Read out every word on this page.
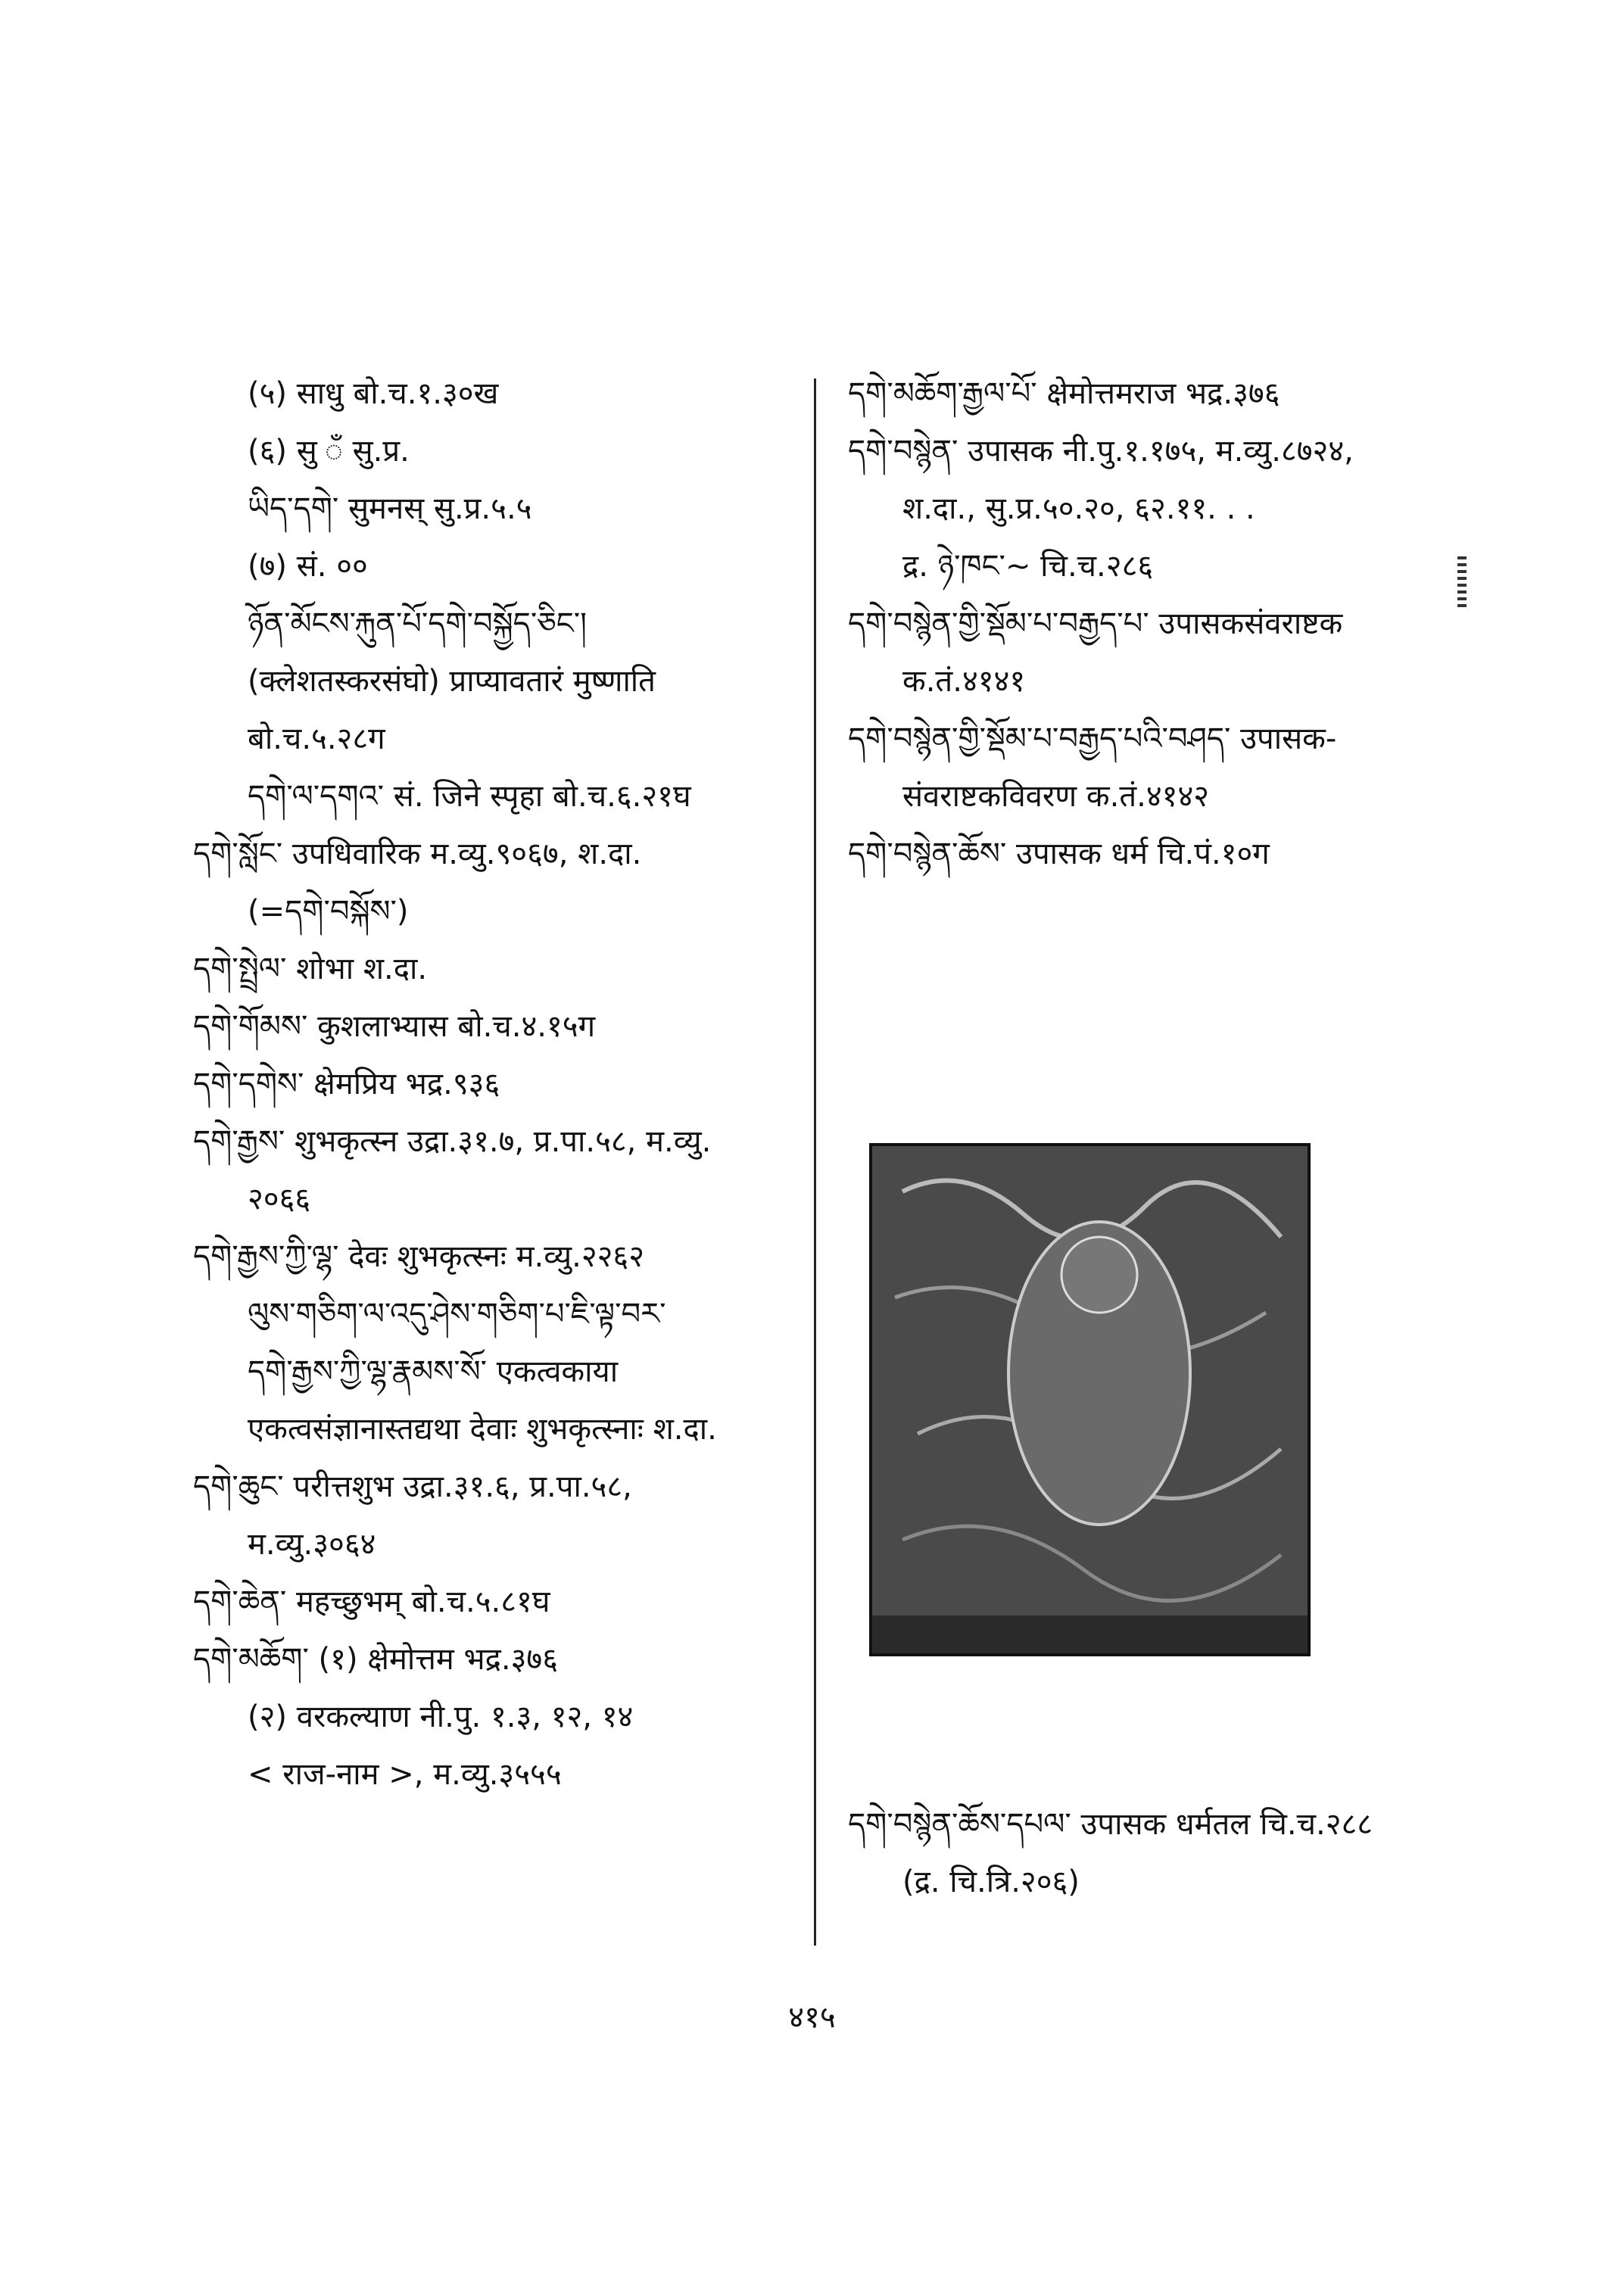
(५) साधु बो.च.१.३०ख
(६) सु ँ सु.प्र.
ཡིད་དགེ་ सुमनस् सु.प्र.५.५
(७) सं. ००
ཉོན་མོངས་རྐུན་པོ་དགེ་བསྐྱོད་ཅིང་།
(क्लेशतस्करसंघो) प्राप्यावतारं मुष्णाति
बो.च.५.२८ग
དགེ་ལ་དགའ་ सं. जिने स्पृहा बो.च.६.२१घ
དགེ་སློང་ उपधिवारिक म.व्यु.९०६७, श.दा.
(=དགེ་བསྐོས་)
དགེ་སྤྲེལ་ शोभा श.दा.
དགེ་གོམས་ कुशलाभ्यास बो.च.४.१५ग
དགེ་དགེས་ क्षेमप्रिय भद्र.९३६
དགེ་རྒྱས་ शुभकृत्स्न उद्रा.३१.७, प्र.पा.५८, म.व्यु.
२०६६
དགེ་རྒྱས་ཀྱི་ལྷ་ देवः शुभकृत्स्नः म.व्यु.२२६२
ལུས་གཅིག་ལ་འདུ་ཤེས་གཅིག་པ་ཇི་ལྟ་བར་
དགེ་རྒྱས་ཀྱི་ལྷ་རྣམས་སོ་ एकत्वकाया
एकत्वसंज्ञानास्तद्यथा देवाः शुभकृत्स्नाः श.दा.
དགེ་ཆུང་ परीत्तशुभ उद्रा.३१.६, प्र.पा.५८,
म.व्यु.३०६४
དགེ་ཆེན་ महच्छुभम् बो.च.५.८१घ
དགེ་མཆོག་ (१) क्षेमोत्तम भद्र.३७६
(२) वरकल्याण नी.पु. १.३, १२, १४
< राज-नाम >, म.व्यु.३५५५
དགེ་མཆོག་རྒྱལ་པོ་ क्षेमोत्तमराज भद्र.३७६
དགེ་བསྙེན་ उपासक नी.पु.१.१७५, म.व्यु.८७२४,
श.दा., सु.प्र.५०.२०, ६२.११. . .
द्र. ཉེ་ཁང་~ चि.च.२८६
དགེ་བསྙེན་གྱི་སྡོམ་པ་བརྒྱད་པ་ उपासकसंवराष्टक
क.तं.४१४१
དགེ་བསྙེན་གྱི་སྡོམ་པ་བརྒྱད་པའི་བཤད་ उपासक-
संवराष्टकविवरण क.तं.४१४२
དགེ་བསྙེན་ཆོས་ उपासक धर्म चि.पं.१०ग
དགེ་བསྙེན་ཆོས་དཔལ་ उपासक धर्मतल चि.च.२८८
(द्र. चि.त्रि.२०६)
४१५
